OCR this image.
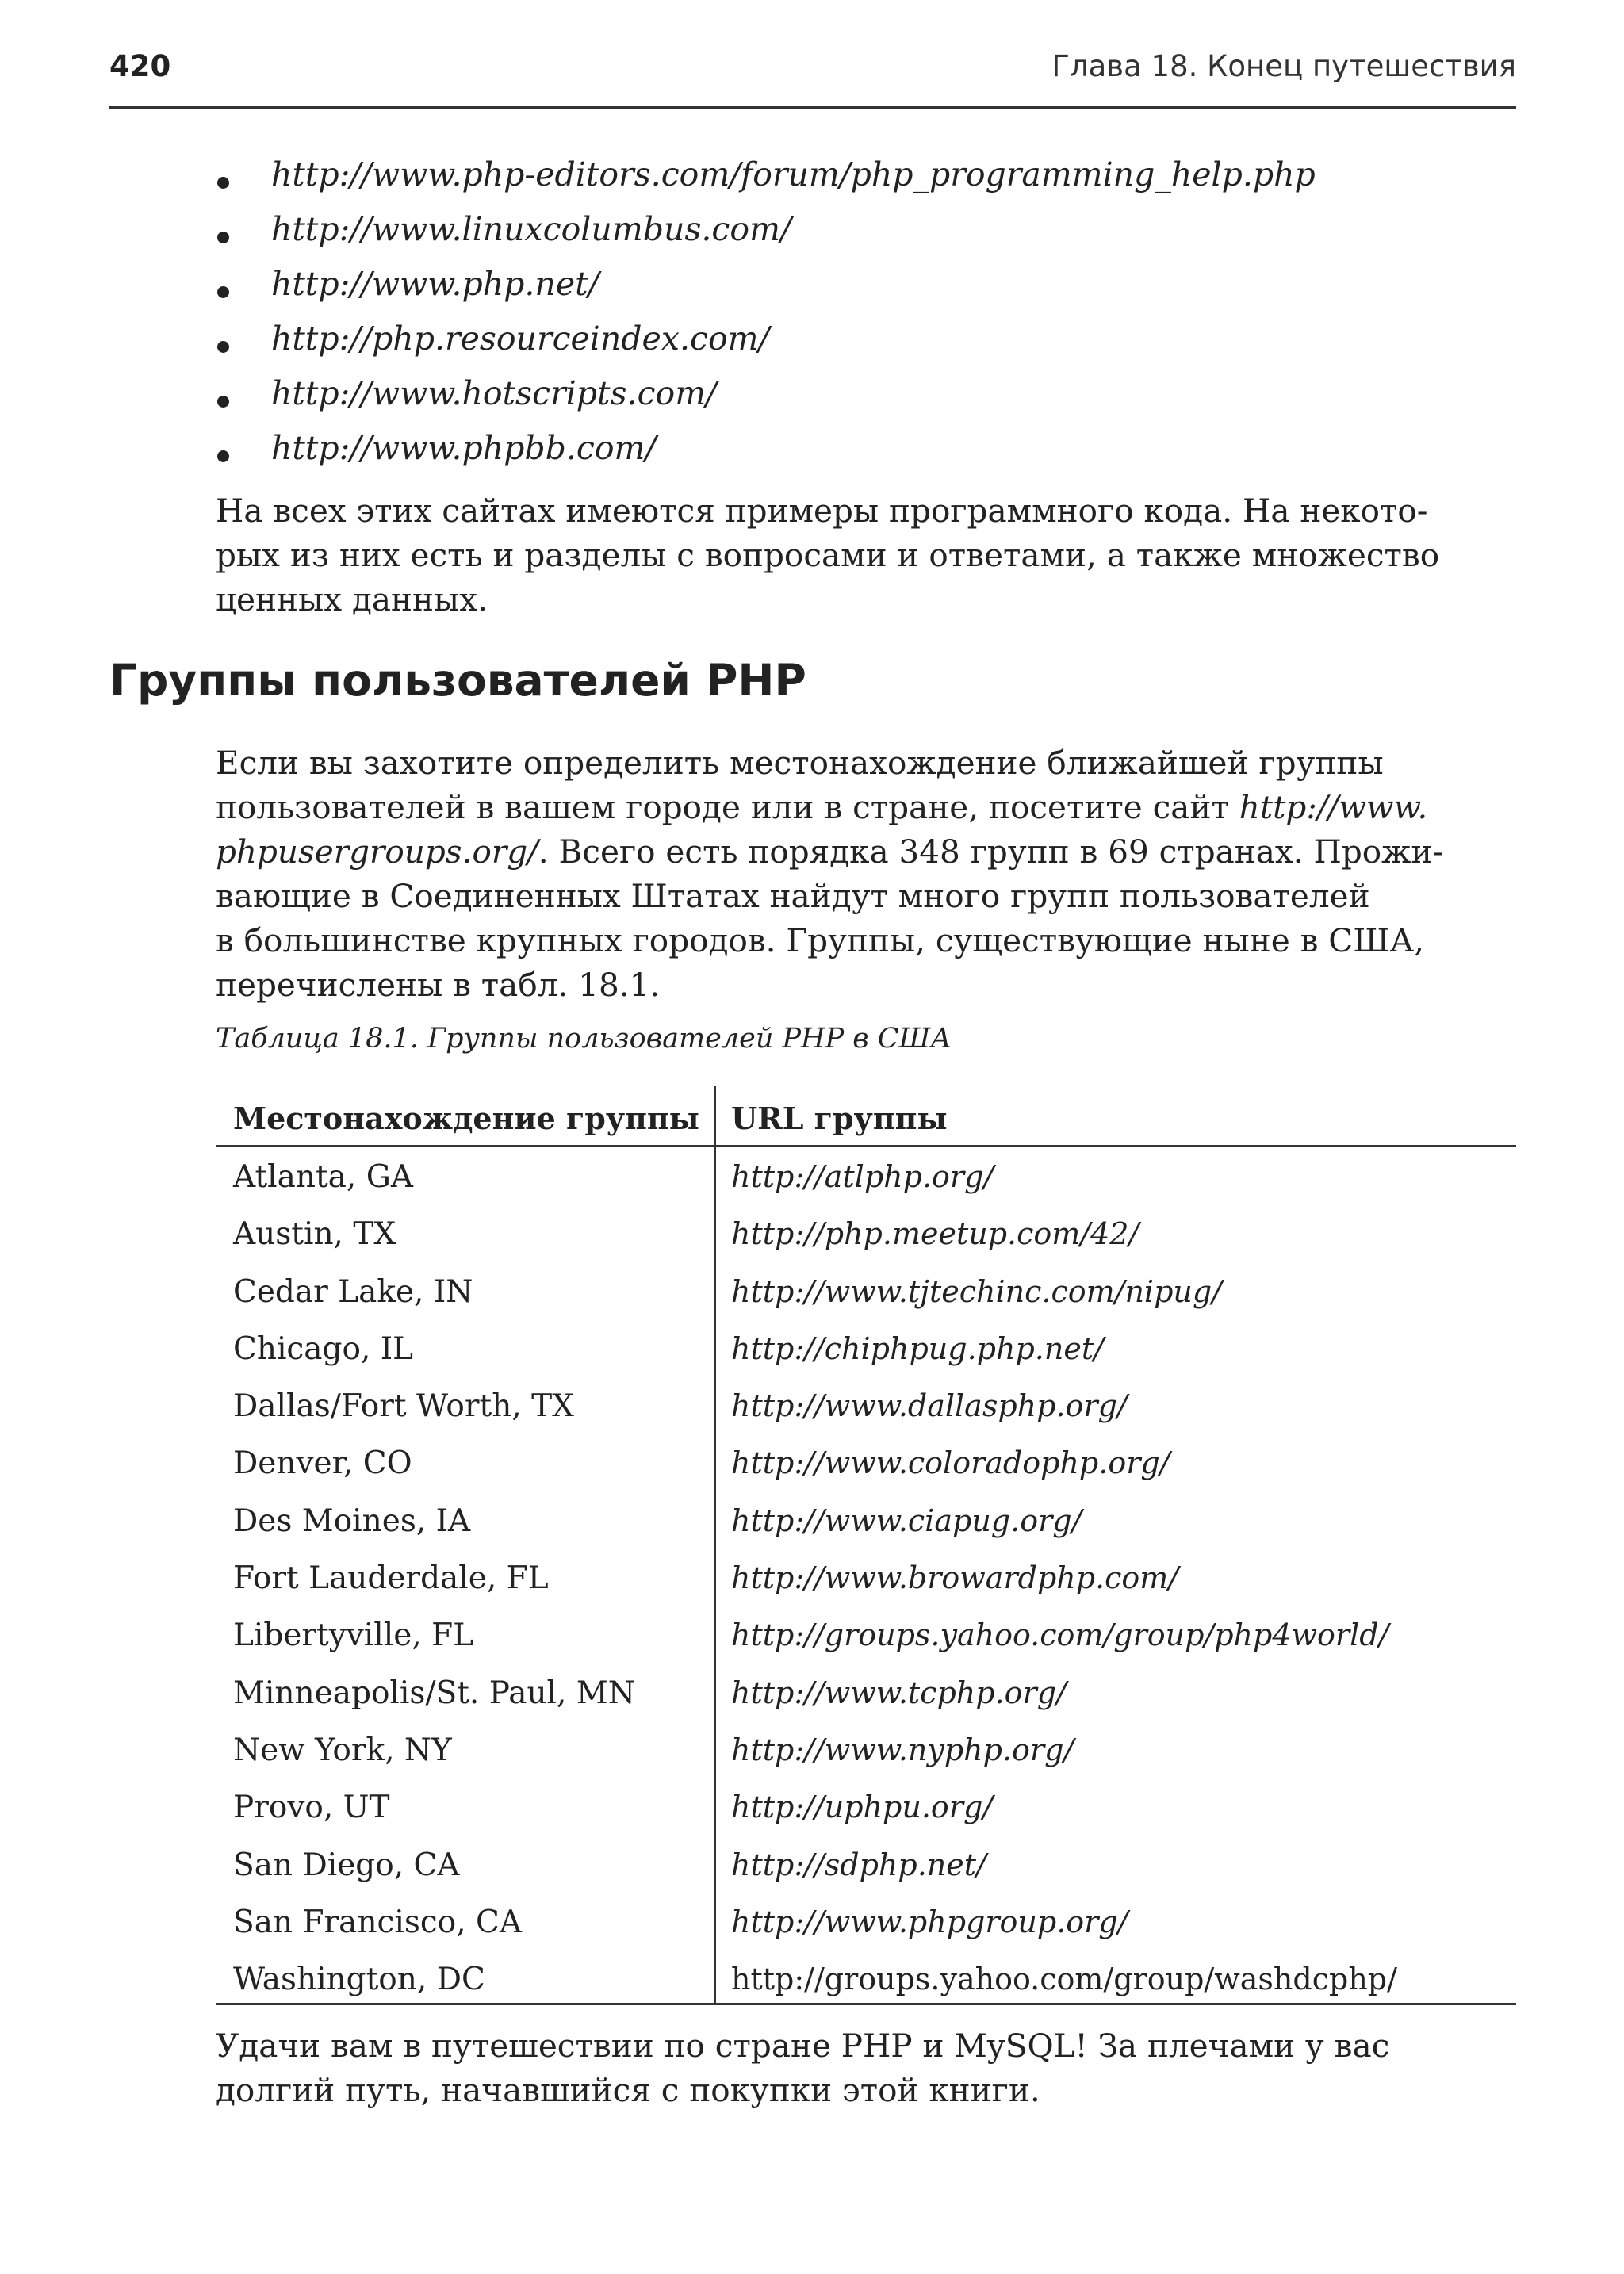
420	Глава 18. Конец путешествия
http://www.php-editors.com/forum/php_programming_help.php
http://www.linuxcolumbus.com/
http://www.php.net/
http://php.resourceindex.com/
http://www.hotscripts.com/
http://www.phpbb.com/
На всех этих сайтах имеются примеры программного кода. На некото-
рых из них есть и разделы с вопросами и ответами, а также множество
ценных данных.
Группы пользователей PHP
Если вы захотите определить местонахождение ближайшей группы
пользователей в вашем городе или в стране, посетите сайт http://www.
phpusergroups.org/. Всего есть порядка 348 групп в 69 странах. Прожи-
вающие в Соединенных Штатах найдут много групп пользователей
в большинстве крупных городов. Группы, существующие ныне в США,
перечислены в табл. 18.1.
Таблица 18.1. Группы пользователей PHP в США
Местонахождение группы URL группы
Atlanta, GA	http://atlphp.org/
Austin, TX	http://php.meetup.com/42/
Cedar Lake, IN	http://www.tjtechinc.com/nipug/
Chicago, IL	http://chiphpug.php.net/
Dallas/Fort Worth, TX	http://www.dallasphp.org/
Denver, CO	http://www.coloradophp.org/
Des Moines, IA	http://www.ciapug.org/
Fort Lauderdale, FL	http://www.browardphp.com/
Libertyville, FL	http://groups.yahoo.com/group/php4world/
Minneapolis/St. Paul, MN	http://www.tcphp.org/
New York, NY	http://www.nyphp.org/
Provo, UT	http://uphpu.org/
San Diego, CA	http://sdphp.net/
San Francisco, CA	http://www.phpgroup.org/
Washington, DC	http://groups.yahoo.com/group/washdcphp/
Удачи вам в путешествии по стране PHP и MySQL! За плечами у вас
долгий путь, начавшийся с покупки этой книги.
